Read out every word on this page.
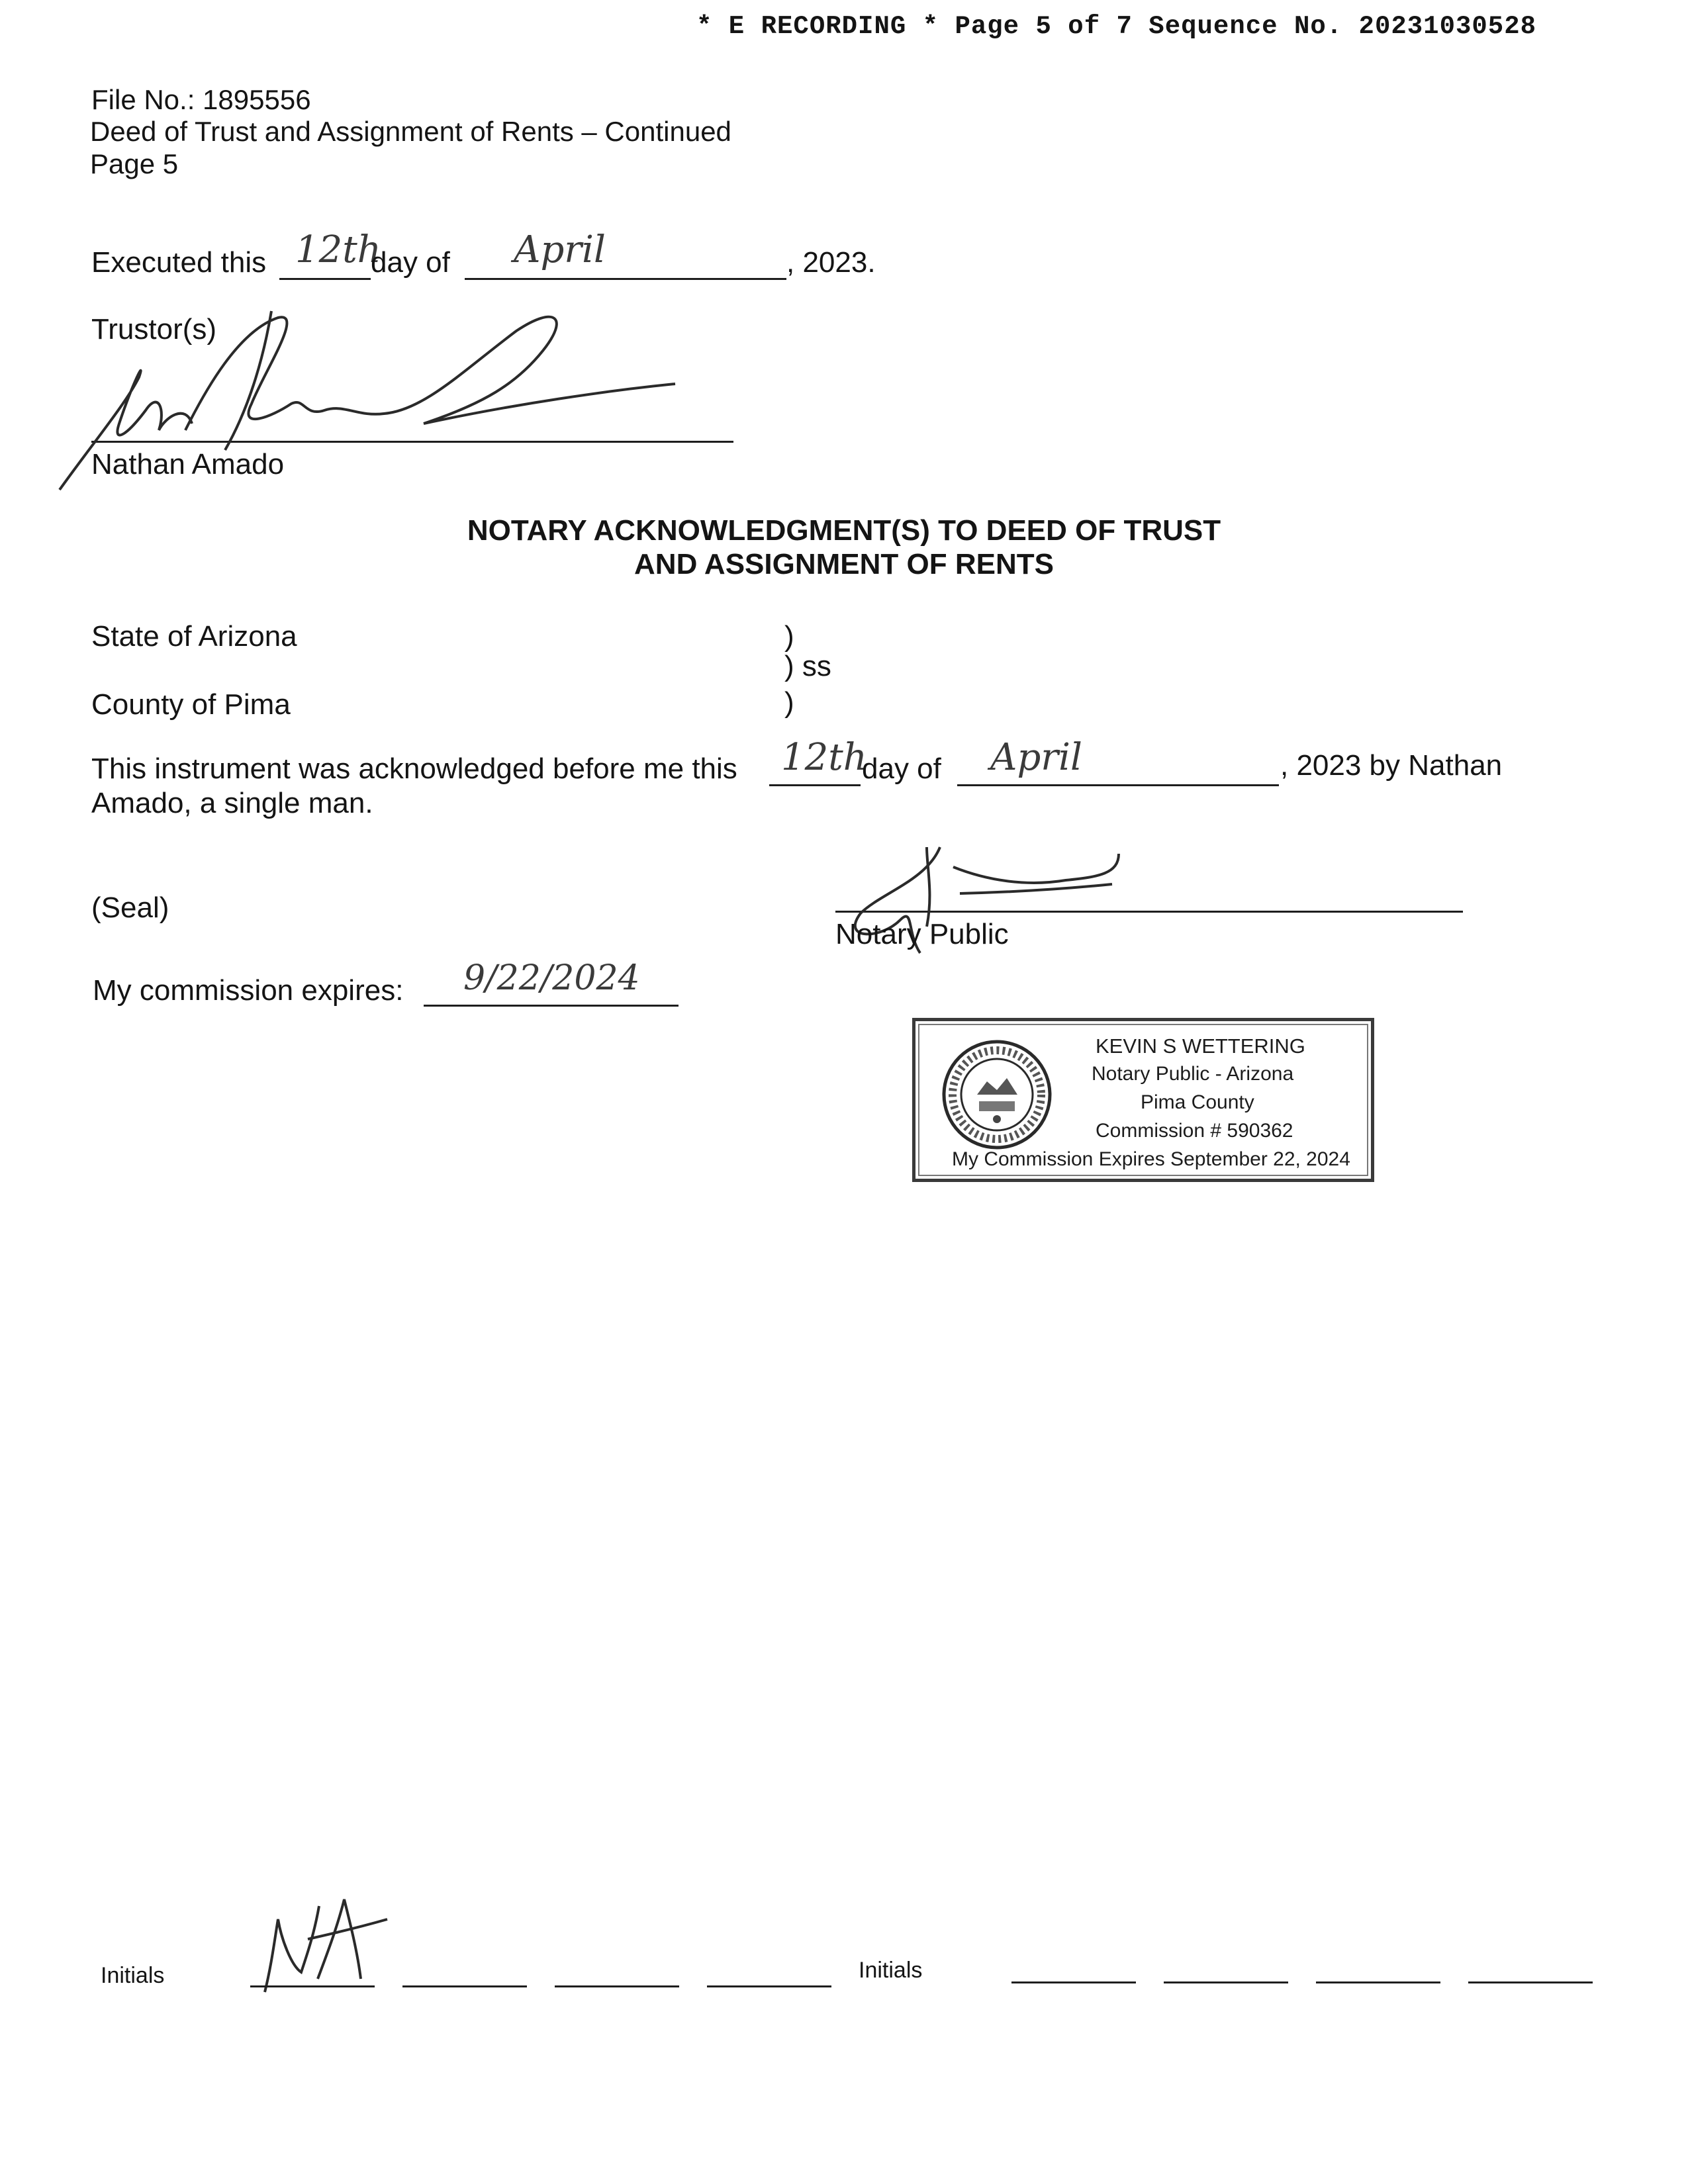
* E RECORDING * Page 5 of 7 Sequence No. 20231030528
File No.: 1895556
Deed of Trust and Assignment of Rents – Continued
Page 5
Executed this 12th
day of April	, 2023.
Trustor(s)
Nathan Amado
NOTARY ACKNOWLEDGMENT(S) TO DEED OF TRUST
AND ASSIGNMENT OF RENTS
State of Arizona	)
) ss
)
County of Pima
This instrument was acknowledged before me this 12th
day of April	, 2023 by Nathan
Amado, a single man.
(Seal)
Notary Public
My commission expires: 9/22/2024
KEVIN S WETTERING
Notary Public - Arizona
Pima County
Commission # 590362
My Commission Expires September 22, 2024
Initials	Initials
